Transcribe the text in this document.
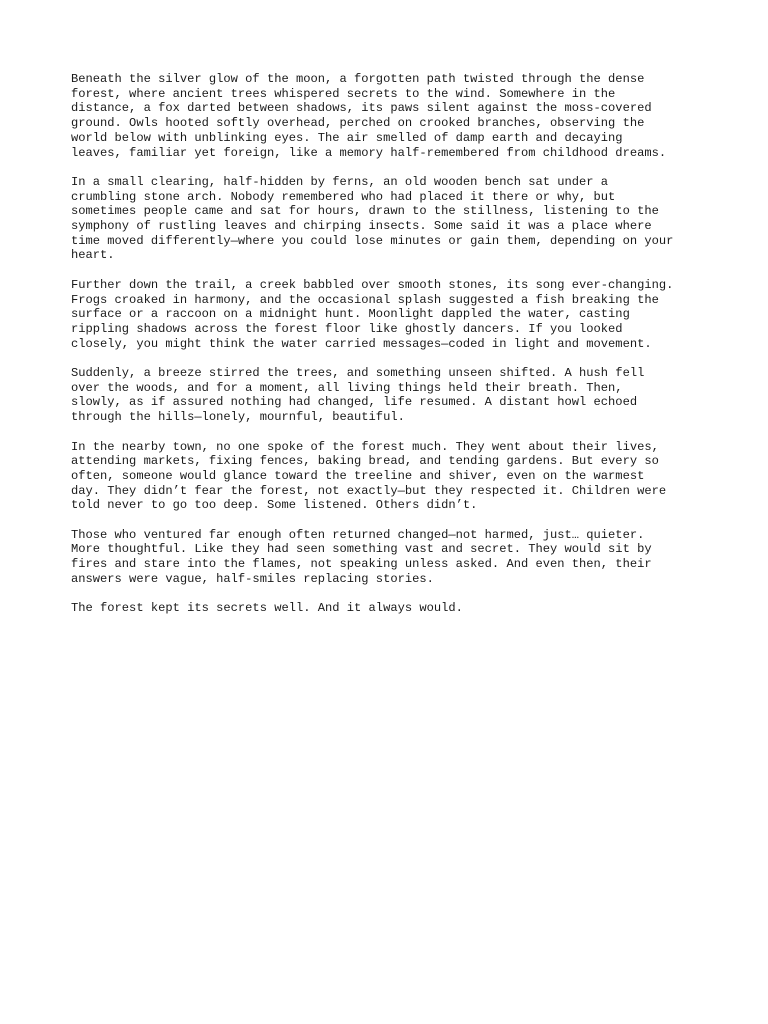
Beneath the silver glow of the moon, a forgotten path twisted through the dense
forest, where ancient trees whispered secrets to the wind. Somewhere in the
distance, a fox darted between shadows, its paws silent against the moss-covered
ground. Owls hooted softly overhead, perched on crooked branches, observing the
world below with unblinking eyes. The air smelled of damp earth and decaying
leaves, familiar yet foreign, like a memory half-remembered from childhood dreams.
In a small clearing, half-hidden by ferns, an old wooden bench sat under a
crumbling stone arch. Nobody remembered who had placed it there or why, but
sometimes people came and sat for hours, drawn to the stillness, listening to the
symphony of rustling leaves and chirping insects. Some said it was a place where
time moved differently—where you could lose minutes or gain them, depending on your
heart.
Further down the trail, a creek babbled over smooth stones, its song ever-changing.
Frogs croaked in harmony, and the occasional splash suggested a fish breaking the
surface or a raccoon on a midnight hunt. Moonlight dappled the water, casting
rippling shadows across the forest floor like ghostly dancers. If you looked
closely, you might think the water carried messages—coded in light and movement.
Suddenly, a breeze stirred the trees, and something unseen shifted. A hush fell
over the woods, and for a moment, all living things held their breath. Then,
slowly, as if assured nothing had changed, life resumed. A distant howl echoed
through the hills—lonely, mournful, beautiful.
In the nearby town, no one spoke of the forest much. They went about their lives,
attending markets, fixing fences, baking bread, and tending gardens. But every so
often, someone would glance toward the treeline and shiver, even on the warmest
day. They didn’t fear the forest, not exactly—but they respected it. Children were
told never to go too deep. Some listened. Others didn’t.
Those who ventured far enough often returned changed—not harmed, just… quieter.
More thoughtful. Like they had seen something vast and secret. They would sit by
fires and stare into the flames, not speaking unless asked. And even then, their
answers were vague, half-smiles replacing stories.
The forest kept its secrets well. And it always would.
